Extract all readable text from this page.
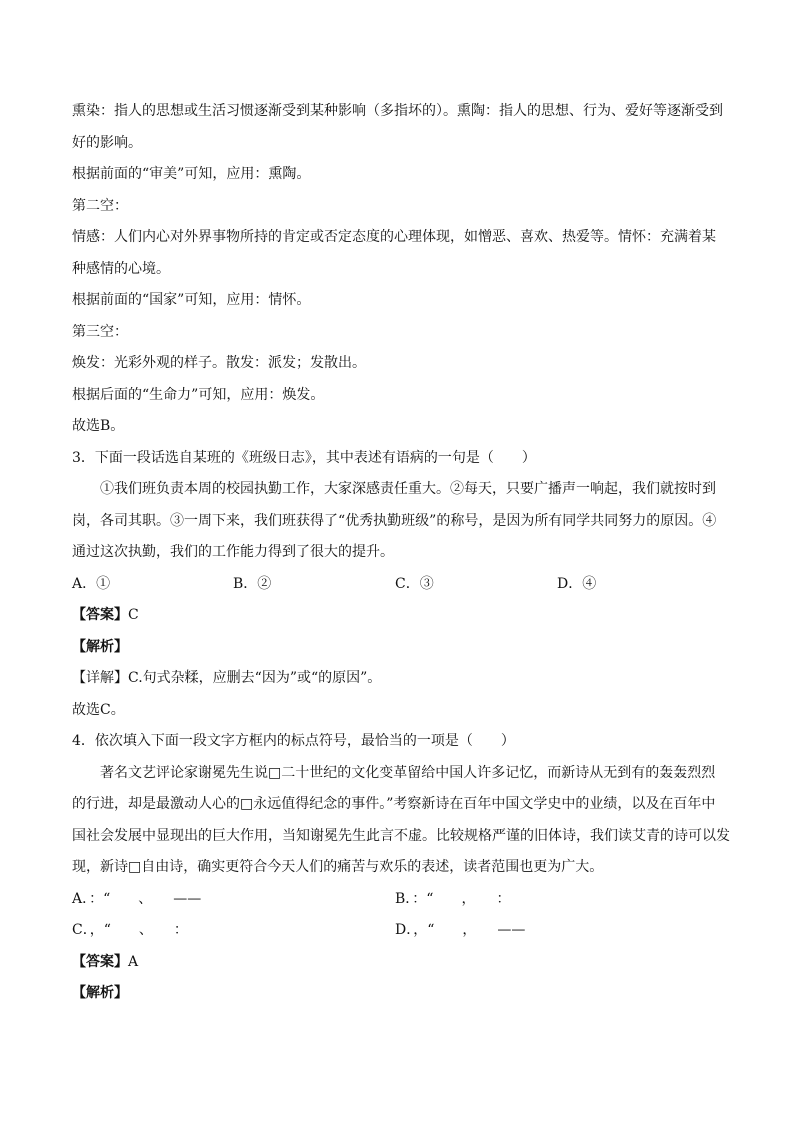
熏染：指人的思想或生活习惯逐渐受到某种影响（多指坏的）。熏陶：指人的思想、行为、爱好等逐渐受到
好的影响。
根据前面的“审美”可知，应用：熏陶。
第二空：
情感：人们内心对外界事物所持的肯定或否定态度的心理体现，如憎恶、喜欢、热爱等。情怀：充满着某
种感情的心境。
根据前面的“国家”可知，应用：情怀。
第三空：
焕发：光彩外观的样子。散发：派发；发散出。
根据后面的“生命力”可知，应用：焕发。
故选B。
3．下面一段话选自某班的《班级日志》，其中表述有语病的一句是（　　）
①我们班负责本周的校园执勤工作，大家深感责任重大。②每天，只要广播声一响起，我们就按时到
岗，各司其职。③一周下来，我们班获得了“优秀执勤班级”的称号，是因为所有同学共同努力的原因。④
通过这次执勤，我们的工作能力得到了很大的提升。
A．①	B．②	C．③	D．④
【答案】C
【解析】
【详解】C.句式杂糅，应删去“因为”或“的原因”。
故选C。
4．依次填入下面一段文字方框内的标点符号，最恰当的一项是（　　）
著名文艺评论家谢冕先生说□二十世纪的文化变革留给中国人许多记忆，而新诗从无到有的轰轰烈烈
的行进，却是最激动人心的□永远值得纪念的事件。”考察新诗在百年中国文学史中的业绩，以及在百年中
国社会发展中显现出的巨大作用，当知谢冕先生此言不虚。比较规格严谨的旧体诗，我们读艾青的诗可以发
现，新诗□自由诗，确实更符合今天人们的痛苦与欢乐的表述，读者范围也更为广大。
A．：“　　、　　——	B．：“　　，　　：
C．，“　　、　　：	D．，“　　，　　——
【答案】A
【解析】
